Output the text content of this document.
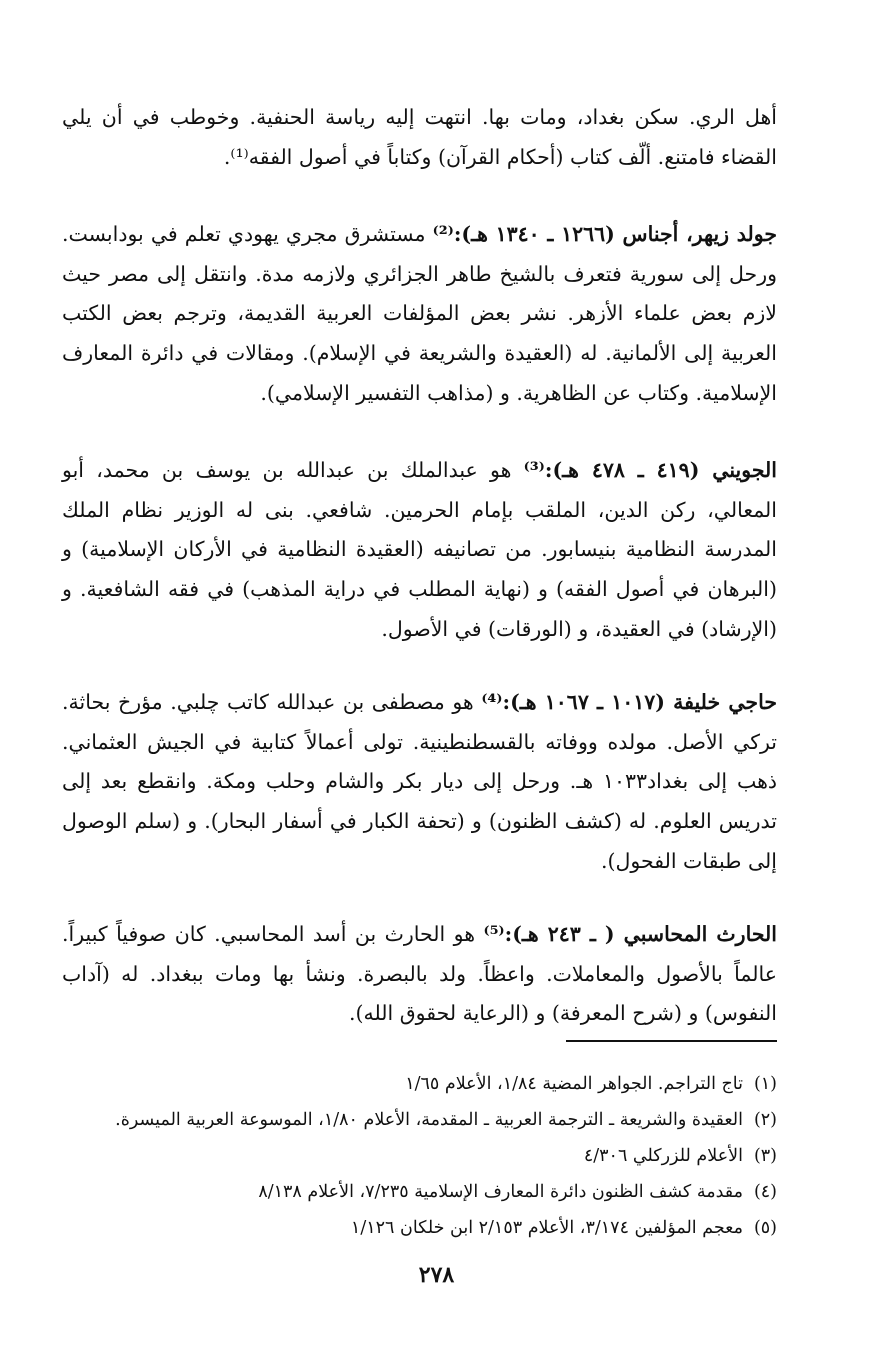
أهل الري. سكن بغداد، ومات بها. انتهت إليه رياسة الحنفية. وخوطب في أن يلي القضاء فامتنع. ألّف كتاب (أحكام القرآن) وكتاباً في أصول الفقه⁽¹⁾.

جولد زيهر، أجناس (١٢٦٦ ـ ١٣٤٠ هـ):⁽²⁾ مستشرق مجري يهودي تعلم في بودابست. ورحل إلى سورية فتعرف بالشيخ طاهر الجزائري ولازمه مدة. وانتقل إلى مصر حيث لازم بعض علماء الأزهر. نشر بعض المؤلفات العربية القديمة، وترجم بعض الكتب العربية إلى الألمانية. له (العقيدة والشريعة في الإسلام). ومقالات في دائرة المعارف الإسلامية. وكتاب عن الظاهرية. و (مذاهب التفسير الإسلامي).

الجويني (٤١٩ ـ ٤٧٨ هـ):⁽³⁾ هو عبدالملك بن عبدالله بن يوسف بن محمد، أبو المعالي، ركن الدين، الملقب بإمام الحرمين. شافعي. بنى له الوزير نظام الملك المدرسة النظامية بنيسابور. من تصانيفه (العقيدة النظامية في الأركان الإسلامية) و (البرهان في أصول الفقه) و (نهاية المطلب في دراية المذهب) في فقه الشافعية. و (الإرشاد) في العقيدة، و (الورقات) في الأصول.

حاجي خليفة (١٠١٧ ـ ١٠٦٧ هـ):⁽⁴⁾ هو مصطفى بن عبدالله كاتب چلبي. مؤرخ بحاثة. تركي الأصل. مولده ووفاته بالقسطنطينية. تولى أعمالاً كتابية في الجيش العثماني. ذهب إلى بغداد١٠٣٣ هـ. ورحل إلى ديار بكر والشام وحلب ومكة. وانقطع بعد إلى تدريس العلوم. له (كشف الظنون) و (تحفة الكبار في أسفار البحار). و (سلم الوصول إلى طبقات الفحول).

الحارث المحاسبي ( ـ ٢٤٣ هـ):⁽⁵⁾ هو الحارث بن أسد المحاسبي. كان صوفياً كبيراً. عالماً بالأصول والمعاملات. واعظاً. ولد بالبصرة. ونشأ بها ومات ببغداد. له (آداب النفوس) و (شرح المعرفة) و (الرعاية لحقوق الله).

(١)تاج التراجم. الجواهر المضية ١/٨٤، الأعلام ١/٦٥

(٢)العقيدة والشريعة ـ الترجمة العربية ـ المقدمة، الأعلام ١/٨٠، الموسوعة العربية الميسرة.

(٣)الأعلام للزركلي ٤/٣٠٦

(٤)مقدمة كشف الظنون دائرة المعارف الإسلامية ٧/٢٣٥، الأعلام ٨/١٣٨

(٥)معجم المؤلفين ٣/١٧٤، الأعلام ٢/١٥٣ ابن خلكان ١/١٢٦

٢٧٨
